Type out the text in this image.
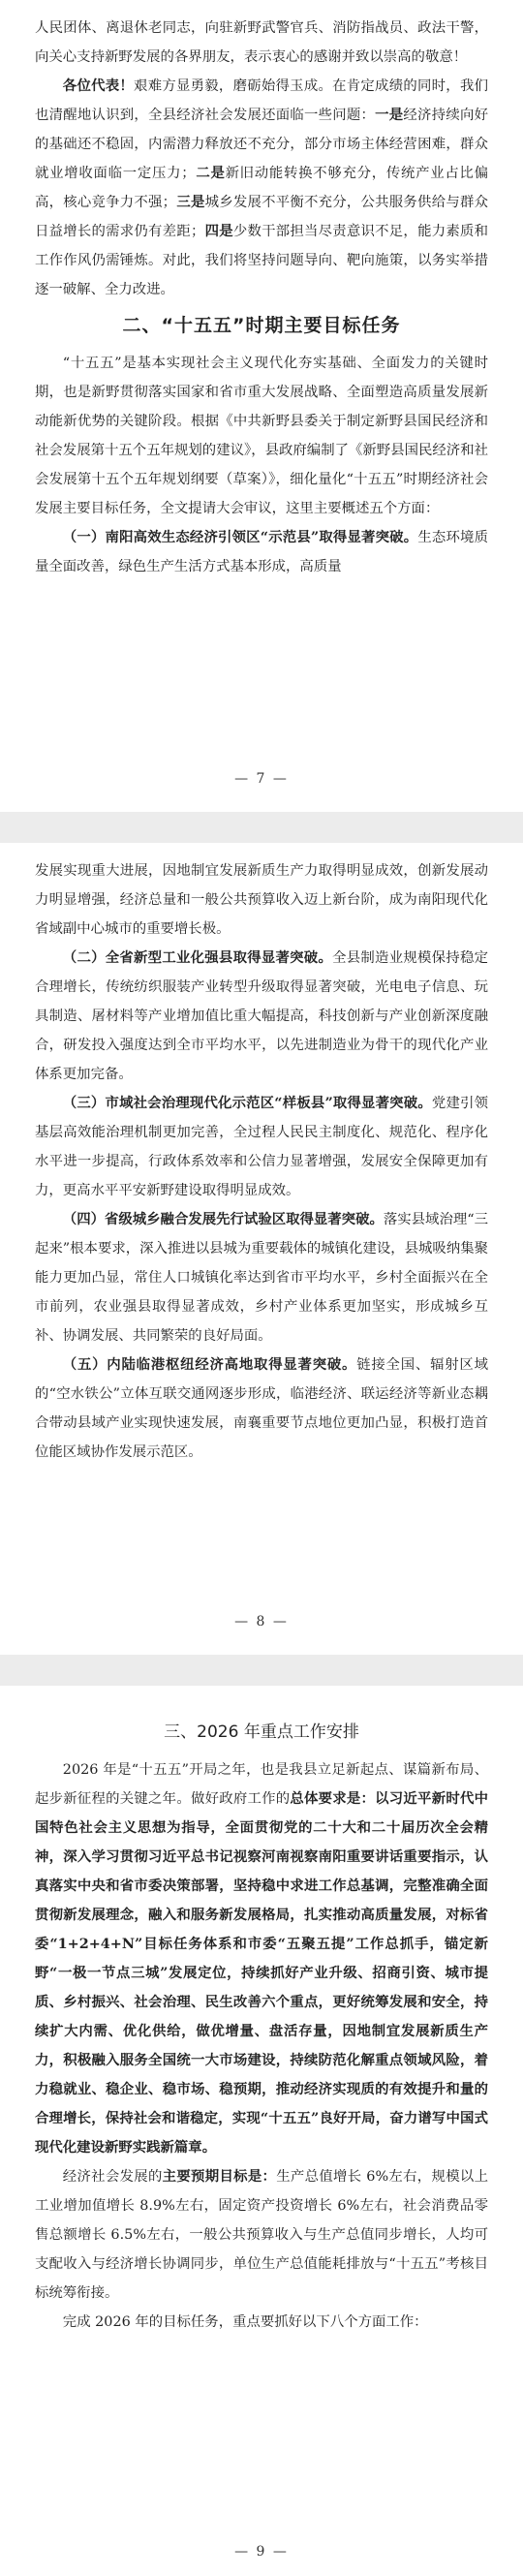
人民团体、离退休老同志，向驻新野武警官兵、消防指战员、政法干警，向关心支持新野发展的各界朋友，表示衷心的感谢并致以崇高的敬意！

各位代表！艰难方显勇毅，磨砺始得玉成。在肯定成绩的同时，我们也清醒地认识到，全县经济社会发展还面临一些问题：一是经济持续向好的基础还不稳固，内需潜力释放还不充分，部分市场主体经营困难，群众就业增收面临一定压力；二是新旧动能转换不够充分，传统产业占比偏高，核心竞争力不强；三是城乡发展不平衡不充分，公共服务供给与群众日益增长的需求仍有差距；四是少数干部担当尽责意识不足，能力素质和工作作风仍需锤炼。对此，我们将坚持问题导向、靶向施策，以务实举措逐一破解、全力改进。

二、“十五五”时期主要目标任务

“十五五”是基本实现社会主义现代化夯实基础、全面发力的关键时期，也是新野贯彻落实国家和省市重大发展战略、全面塑造高质量发展新动能新优势的关键阶段。根据《中共新野县委关于制定新野县国民经济和社会发展第十五个五年规划的建议》，县政府编制了《新野县国民经济和社会发展第十五个五年规划纲要（草案）》，细化量化“十五五”时期经济社会发展主要目标任务，全文提请大会审议，这里主要概述五个方面：

（一）南阳高效生态经济引领区“示范县”取得显著突破。生态环境质量全面改善，绿色生产生活方式基本形成，高质量

— 7 —

发展实现重大进展，因地制宜发展新质生产力取得明显成效，创新发展动力明显增强，经济总量和一般公共预算收入迈上新台阶，成为南阳现代化省域副中心城市的重要增长极。

（二）全省新型工业化强县取得显著突破。全县制造业规模保持稳定合理增长，传统纺织服装产业转型升级取得显著突破，光电电子信息、玩具制造、屠材料等产业增加值比重大幅提高，科技创新与产业创新深度融合，研发投入强度达到全市平均水平，以先进制造业为骨干的现代化产业体系更加完备。

（三）市域社会治理现代化示范区“样板县”取得显著突破。党建引领基层高效能治理机制更加完善，全过程人民民主制度化、规范化、程序化水平进一步提高，行政体系效率和公信力显著增强，发展安全保障更加有力，更高水平平安新野建设取得明显成效。

（四）省级城乡融合发展先行试验区取得显著突破。落实县域治理“三起来”根本要求，深入推进以县城为重要载体的城镇化建设，县城吸纳集聚能力更加凸显，常住人口城镇化率达到省市平均水平，乡村全面振兴在全市前列，农业强县取得显著成效，乡村产业体系更加坚实，形成城乡互补、协调发展、共同繁荣的良好局面。

（五）内陆临港枢纽经济高地取得显著突破。链接全国、辐射区域的“空水铁公”立体互联交通网逐步形成，临港经济、联运经济等新业态耦合带动县域产业实现快速发展，南襄重要节点地位更加凸显，积极打造首位能区域协作发展示范区。

— 8 —
三、2026 年重点工作安排

2026 年是“十五五”开局之年，也是我县立足新起点、谋篇新布局、起步新征程的关键之年。做好政府工作的总体要求是：以习近平新时代中国特色社会主义思想为指导，全面贯彻党的二十大和二十届历次全会精神，深入学习贯彻习近平总书记视察河南视察南阳重要讲话重要指示，认真落实中央和省市委决策部署，坚持稳中求进工作总基调，完整准确全面贯彻新发展理念，融入和服务新发展格局，扎实推动高质量发展，对标省委“1+2+4+N”目标任务体系和市委“五聚五提”工作总抓手，锚定新野“一极一节点三城”发展定位，持续抓好产业升级、招商引资、城市提质、乡村振兴、社会治理、民生改善六个重点，更好统筹发展和安全，持续扩大内需、优化供给，做优增量、盘活存量，因地制宜发展新质生产力，积极融入服务全国统一大市场建设，持续防范化解重点领域风险，着力稳就业、稳企业、稳市场、稳预期，推动经济实现质的有效提升和量的合理增长，保持社会和谐稳定，实现“十五五”良好开局，奋力谱写中国式现代化建设新野实践新篇章。

经济社会发展的主要预期目标是：生产总值增长 6%左右，规模以上工业增加值增长 8.9%左右，固定资产投资增长 6%左右，社会消费品零售总额增长 6.5%左右，一般公共预算收入与生产总值同步增长，人均可支配收入与经济增长协调同步，单位生产总值能耗排放与“十五五”考核目标统筹衔接。

完成 2026 年的目标任务，重点要抓好以下八个方面工作：

— 9 —
